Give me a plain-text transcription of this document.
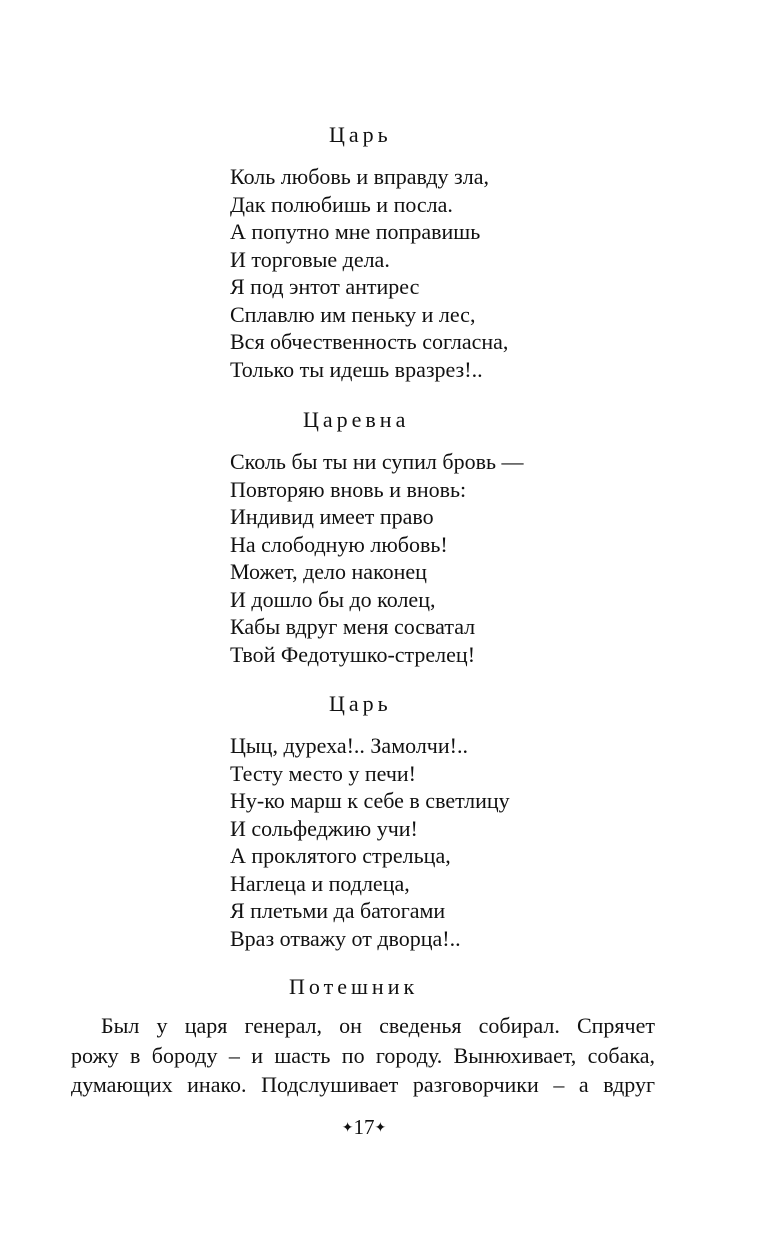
Царь
Коль любовь и вправду зла,
Дак полюбишь и посла.
А попутно мне поправишь
И торговые дела.
Я под энтот антирес
Сплавлю им пеньку и лес,
Вся обчественность согласна,
Только ты идешь вразрез!..
Царевна
Сколь бы ты ни супил бровь —
Повторяю вновь и вновь:
Индивид имеет право
На слободную любовь!
Может, дело наконец
И дошло бы до колец,
Кабы вдруг меня сосватал
Твой Федотушко-стрелец!
Царь
Цыц, дуреха!.. Замолчи!..
Тесту место у печи!
Ну-ко марш к себе в светлицу
И сольфеджию учи!
А проклятого стрельца,
Наглеца и подлеца,
Я плетьми да батогами
Враз отважу от дворца!..
Потешник
Был у царя генерал, он сведенья собирал. Спрячет
рожу в бороду – и шасть по городу. Вынюхивает, собака,
думающих инако. Подслушивает разговорчики – а вдруг
✦17✦
